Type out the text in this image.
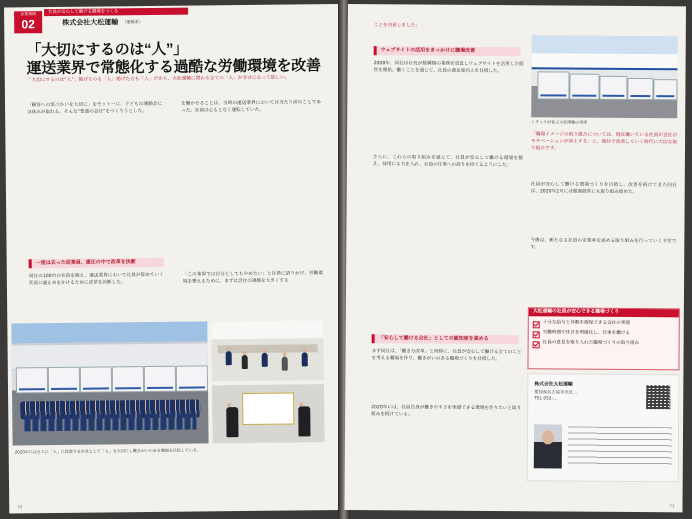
企業事例
02
社員が安心して働ける職場をつくる
株式会社大松運輸 （運輸業）
「大切にするのは“人”」
運送業界で常態化する過酷な労働環境を改善
「大切にするのは“人”」掲げるのも「人」掲げた方も「人」だから、大松運輸に関わる全ての「人」が幸せになって欲しい。
「顧客への気づかいを大切に」をモットーに、子どもの運動会にほ休みが取れる、そんな“普通の会社”をつくろうとした。
を働かせることは、当時の運送業界においては当たり前のことであった。社員は心もとなく運転していた。
一度は去った従業員、重圧の中で改革を決断
同社の100台の社員を抱え、運送業界において社員が辞めていく状況に歯止めをかけるために改革を決断した。
「この業界では自分としてもやめたい」と社員に語りかけ、労働環境を整えるために、まずは会社の規模を大きくする
2020年にはさらに「人」に投資する社長として「人」を大切にし働きがいのある職場を目指している。
70
ことを決意しました」
ウェブサイトの活用をきっかけに職場改善
2008年、同社は社長が数種類の業務を見直しウェブサイトを活用した経営を開始。働くことを通じて、社員の満足度向上を目指した。
さらに、これらの取り組みを通じて、社員が安心して働ける環境を整え、採用にも力を入れ、社員の仕事への誇りを持てるようにした。
トラックが並ぶ大松運輸の車庫
「職場イメージの取り組みについては、現在働いている社員が会社がモチベーションが向上する」と、他社で改善していく時代に大切な取り組みです。
社員が安心して働ける環境づくりを目指し、改善を続けてきた同社は、2020年2月には健康経営にも取り組み始めた。
今後は、新たなる社員の定着率を高める取り組みを行っていく予定です。
「安心して働ける会社」としての認知度を高める
まず同社は、「働き方改革」と同時に、社員が安心して働ける全てのことを考える職場を作り、働きがいのある職場づくりを目指した。
2020年には、社員自身が働きやすさを実感できる環境を作りたいと取り組みを続けている。
大松運輸の社員が安心できる職場づくり
十分な給与と休暇を確保できる会社の実現
労働時間や休日を明確化し、仕事を働ける
社員の意見を取り入れた職場づくりの取り組み
株式会社大松運輸
愛知県名古屋市北区…
TEL 052-…
71
